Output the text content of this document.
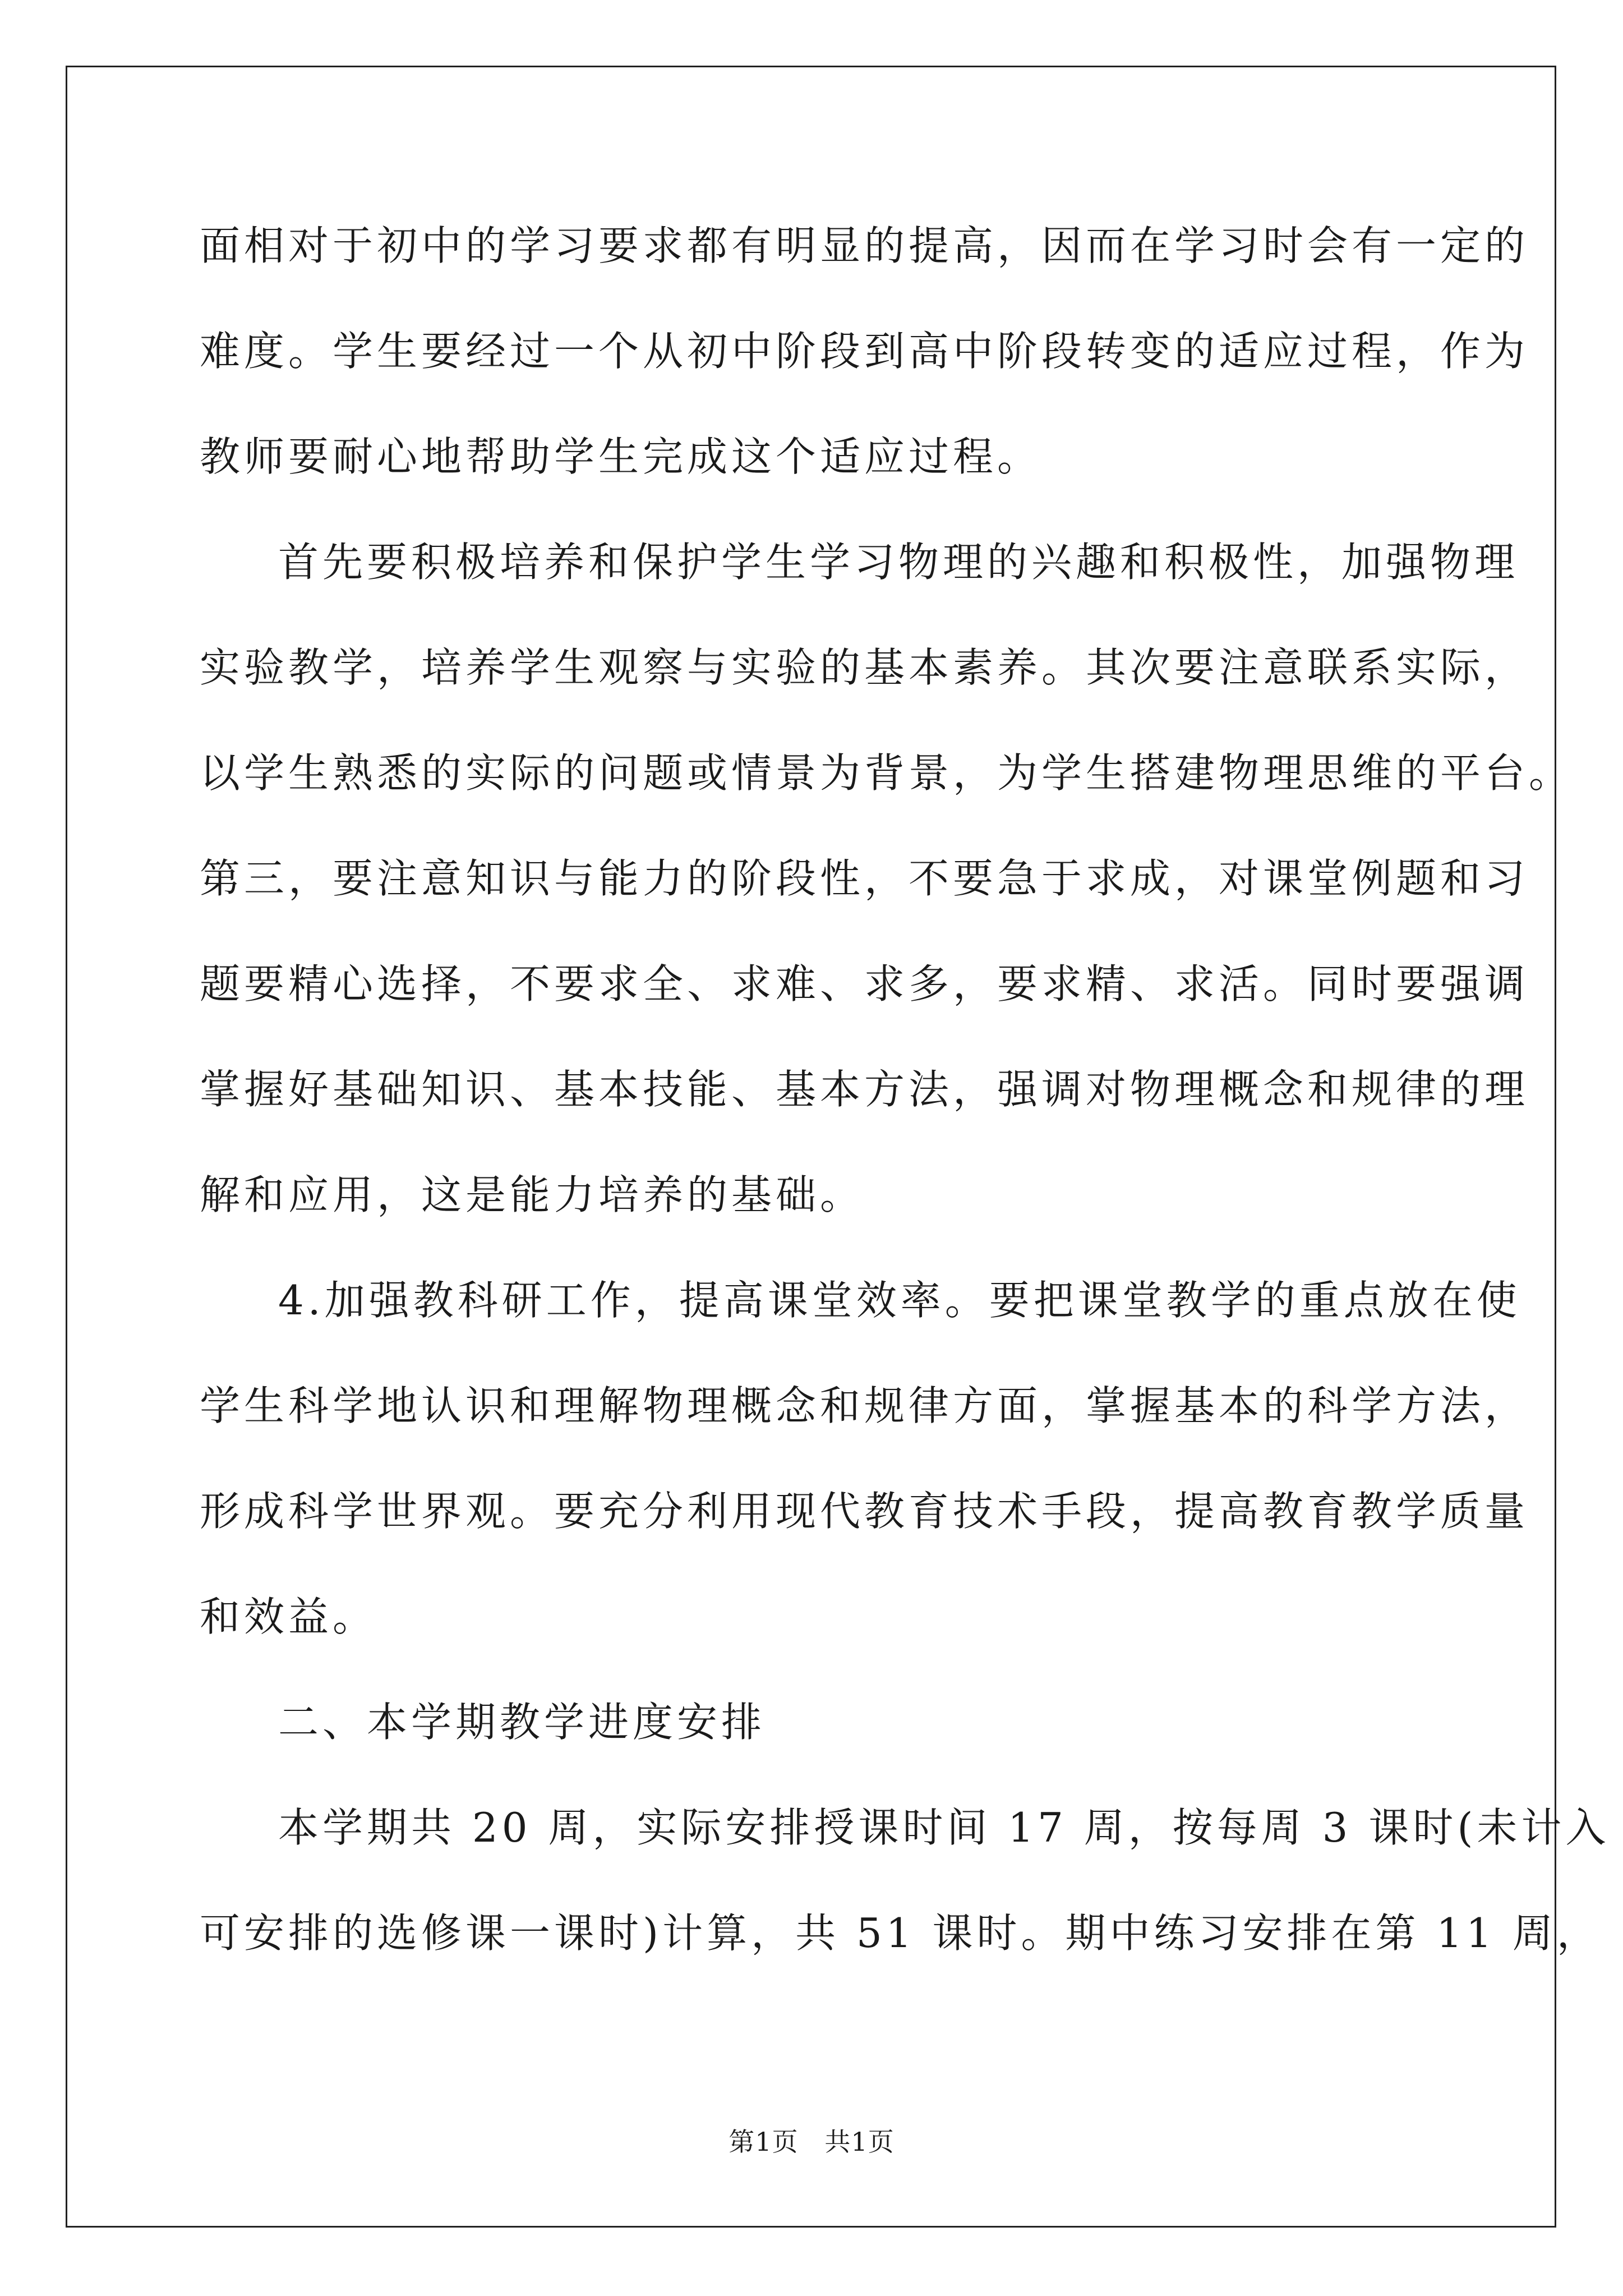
面相对于初中的学习要求都有明显的提高，因而在学习时会有一定的
难度。学生要经过一个从初中阶段到高中阶段转变的适应过程，作为
教师要耐心地帮助学生完成这个适应过程。
首先要积极培养和保护学生学习物理的兴趣和积极性，加强物理
实验教学，培养学生观察与实验的基本素养。其次要注意联系实际，
以学生熟悉的实际的问题或情景为背景，为学生搭建物理思维的平台。
第三，要注意知识与能力的阶段性，不要急于求成，对课堂例题和习
题要精心选择，不要求全、求难、求多，要求精、求活。同时要强调
掌握好基础知识、基本技能、基本方法，强调对物理概念和规律的理
解和应用，这是能力培养的基础。
4.加强教科研工作，提高课堂效率。要把课堂教学的重点放在使
学生科学地认识和理解物理概念和规律方面，掌握基本的科学方法，
形成科学世界观。要充分利用现代教育技术手段，提高教育教学质量
和效益。
二、本学期教学进度安排
本学期共 20 周，实际安排授课时间 17 周，按每周 3 课时(未计入
可安排的选修课一课时)计算，共 51 课时。期中练习安排在第 11 周，
第1页   共1页
